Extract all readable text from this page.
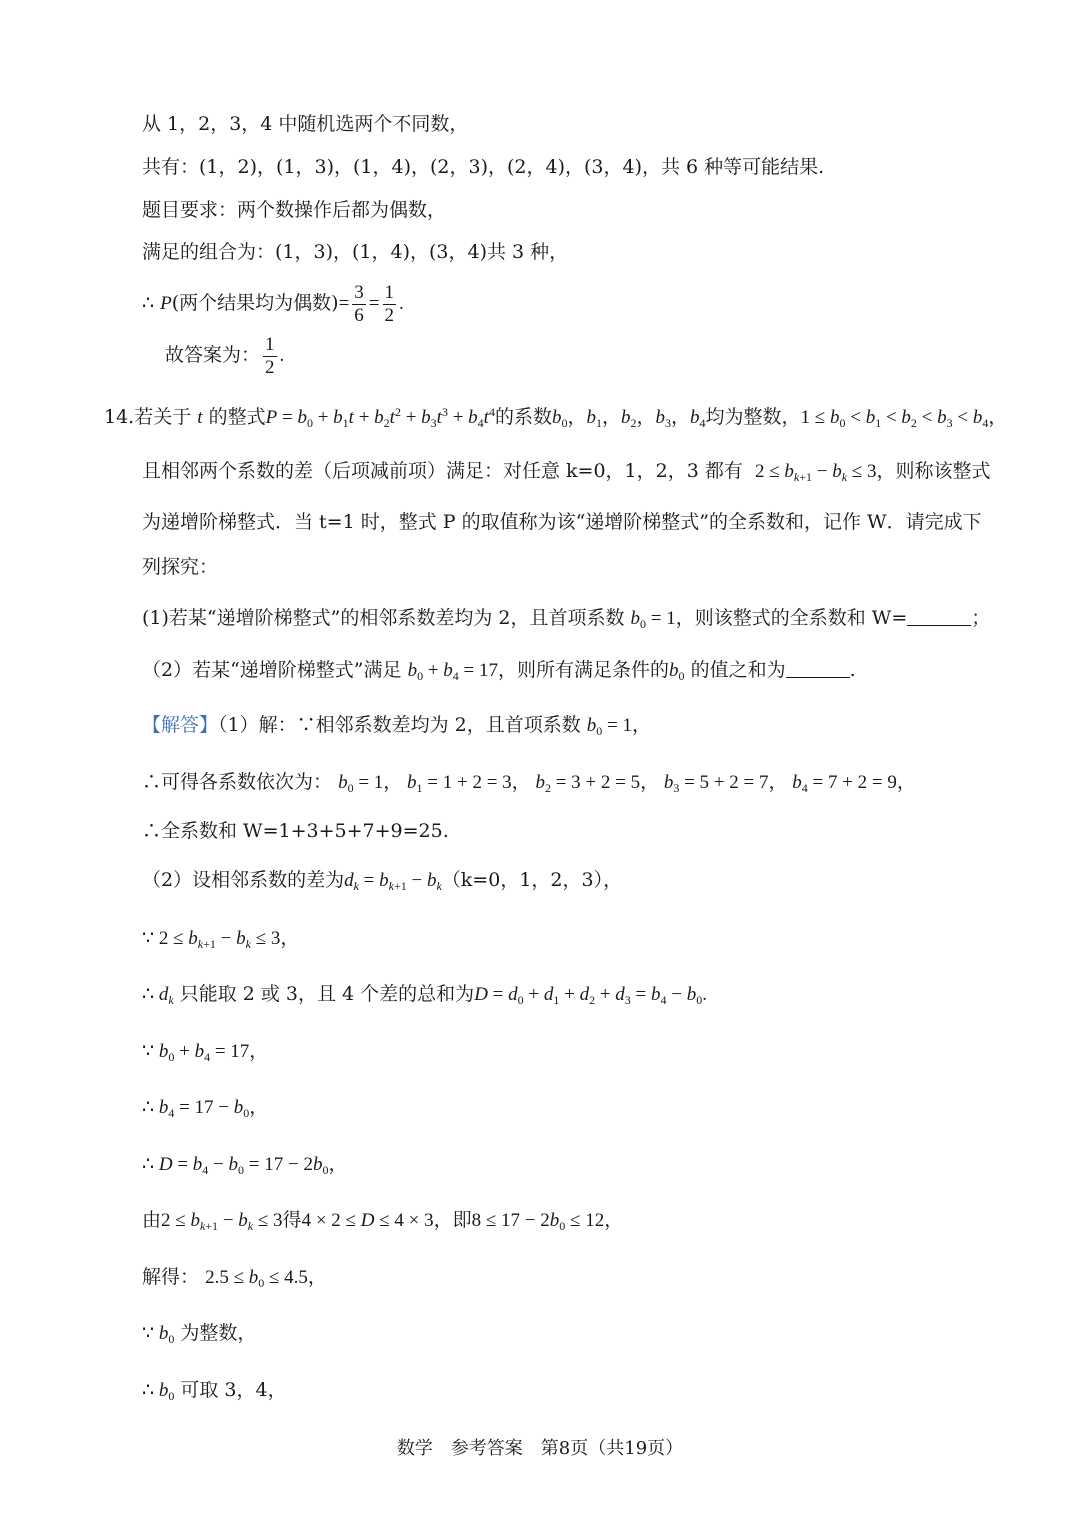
从 1，2，3，4 中随机选两个不同数，
共有：(1，2)，(1，3)，(1，4)，(2，3)，(2，4)，(3，4)，共 6 种等可能结果.
题目要求：两个数操作后都为偶数，
满足的组合为：(1，3)，(1，4)，(3，4)共 3 种，
∴ P(两个结果均为偶数)= $\frac{3}{6} = \frac{1}{2}$ .
故答案为： $\frac{1}{2}$ .
14.若关于 t 的整式$P = b_0 + b_1t + b_2t^2 + b_3t^3 + b_4t^4$的系数$b_0$，$b_1$，$b_2$，$b_3$，$b_4$均为整数，$1 \le b_0 < b_1 < b_2 < b_3 < b_4$，
且相邻两个系数的差（后项减前项）满足：对任意 k=0，1，2，3 都有 $2 \le b_{k+1} - b_k \le 3$，则称该整式
为递增阶梯整式．当 t=1 时，整式 P 的取值称为该“递增阶梯整式”的全系数和，记作 W．请完成下
列探究：
(1)若某“递增阶梯整式”的相邻系数差均为 2，且首项系数 $b_0 = 1$，则该整式的全系数和 W=	；
（2）若某“递增阶梯整式”满足 $b_0 + b_4 = 17$，则所有满足条件的$b_0$ 的值之和为	.
【解答】（1）解：∵相邻系数差均为 2，且首项系数 $b_0 = 1$，
∴可得各系数依次为： $b_0 = 1$， $b_1 = 1 + 2 = 3$， $b_2 = 3 + 2 = 5$， $b_3 = 5 + 2 = 7$， $b_4 = 7 + 2 = 9$，
∴全系数和 W=1+3+5+7+9=25.
（2）设相邻系数的差为$d_k = b_{k+1} - b_k(k=0$，1，2，3），
∵ $2 \le b_{k+1} - b_k \le 3$，
∴ $d_k$ 只能取 2 或 3，且 4 个差的总和为$D = d_0 + d_1 + d_2 + d_3 = b_4 - b_0$.
∵ $b_0 + b_4 = 17$，
∴ $b_4 = 17 - b_0$，
∴ $D = b_4 - b_0 = 17 - 2b_0$，
由$2 \le b_{k+1} - b_k \le 3$得4 × 2 ≤ D ≤ 4 × 3，即$8 \le 17 - 2b_0 \le 12$，
解得： $2.5 \le b_0 \le 4.5$，
∵ $b_0$ 为整数，
∴ $b_0$ 可取 3，4，
数学　参考答案　第8页（共19页）
